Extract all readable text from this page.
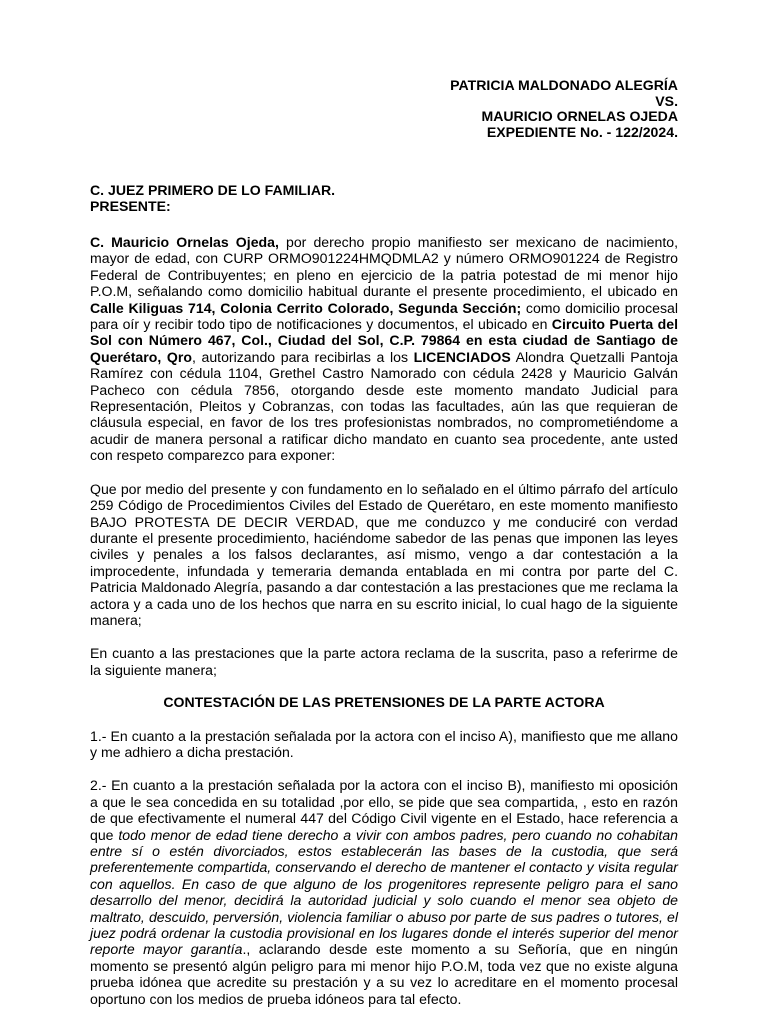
PATRICIA MALDONADO ALEGRÍA
VS.
MAURICIO ORNELAS OJEDA
EXPEDIENTE No. - 122/2024.
C. JUEZ PRIMERO DE LO FAMILIAR.
PRESENTE:

C. Mauricio Ornelas Ojeda, por derecho propio manifiesto ser mexicano de nacimiento, mayor de edad, con CURP ORMO901224HMQDMLA2 y número ORMO901224 de Registro Federal de Contribuyentes; en pleno en ejercicio de la patria potestad de mi menor hijo P.O.M, señalando como domicilio habitual durante el presente procedimiento, el ubicado en Calle Kiliguas 714, Colonia Cerrito Colorado, Segunda Sección; como domicilio procesal para oír y recibir todo tipo de notificaciones y documentos, el ubicado en Circuito Puerta del Sol con Número 467, Col., Ciudad del Sol, C.P. 79864 en esta ciudad de Santiago de Querétaro, Qro, autorizando para recibirlas a los LICENCIADOS Alondra Quetzalli Pantoja Ramírez con cédula 1104, Grethel Castro Namorado con cédula 2428 y Mauricio Galván Pacheco con cédula 7856, otorgando desde este momento mandato Judicial para Representación, Pleitos y Cobranzas, con todas las facultades, aún las que requieran de cláusula especial, en favor de los tres profesionistas nombrados, no comprometiéndome a acudir de manera personal a ratificar dicho mandato en cuanto sea procedente, ante usted con respeto comparezco para exponer:

Que por medio del presente y con fundamento en lo señalado en el último párrafo del artículo 259 Código de Procedimientos Civiles del Estado de Querétaro, en este momento manifiesto BAJO PROTESTA DE DECIR VERDAD, que me conduzco y me conduciré con verdad durante el presente procedimiento, haciéndome sabedor de las penas que imponen las leyes civiles y penales a los falsos declarantes, así mismo, vengo a dar contestación a la improcedente, infundada y temeraria demanda entablada en mi contra por parte del C. Patricia Maldonado Alegría, pasando a dar contestación a las prestaciones que me reclama la actora y a cada uno de los hechos que narra en su escrito inicial, lo cual hago de la siguiente manera;

En cuanto a las prestaciones que la parte actora reclama de la suscrita, paso a referirme de la siguiente manera;

CONTESTACIÓN DE LAS PRETENSIONES DE LA PARTE ACTORA

1.- En cuanto a la prestación señalada por la actora con el inciso A), manifiesto que me allano y me adhiero a dicha prestación.

2.- En cuanto a la prestación señalada por la actora con el inciso B), manifiesto mi oposición a que le sea concedida en su totalidad ,por ello, se pide que sea compartida, , esto en razón de que efectivamente el numeral 447 del Código Civil vigente en el Estado, hace referencia a que todo menor de edad tiene derecho a vivir con ambos padres, pero cuando no cohabitan entre sí o estén divorciados, estos establecerán las bases de la custodia, que será preferentemente compartida, conservando el derecho de mantener el contacto y visita regular con aquellos. En caso de que alguno de los progenitores represente peligro para el sano desarrollo del menor, decidirá la autoridad judicial y solo cuando el menor sea objeto de maltrato, descuido, perversión, violencia familiar o abuso por parte de sus padres o tutores, el juez podrá ordenar la custodia provisional en los lugares donde el interés superior del menor reporte mayor garantía., aclarando desde este momento a su Señoría, que en ningún momento se presentó algún peligro para mi menor hijo P.O.M, toda vez que no existe alguna prueba idónea que acredite su prestación y a su vez lo acreditare en el momento procesal oportuno con los medios de prueba idóneos para tal efecto.
